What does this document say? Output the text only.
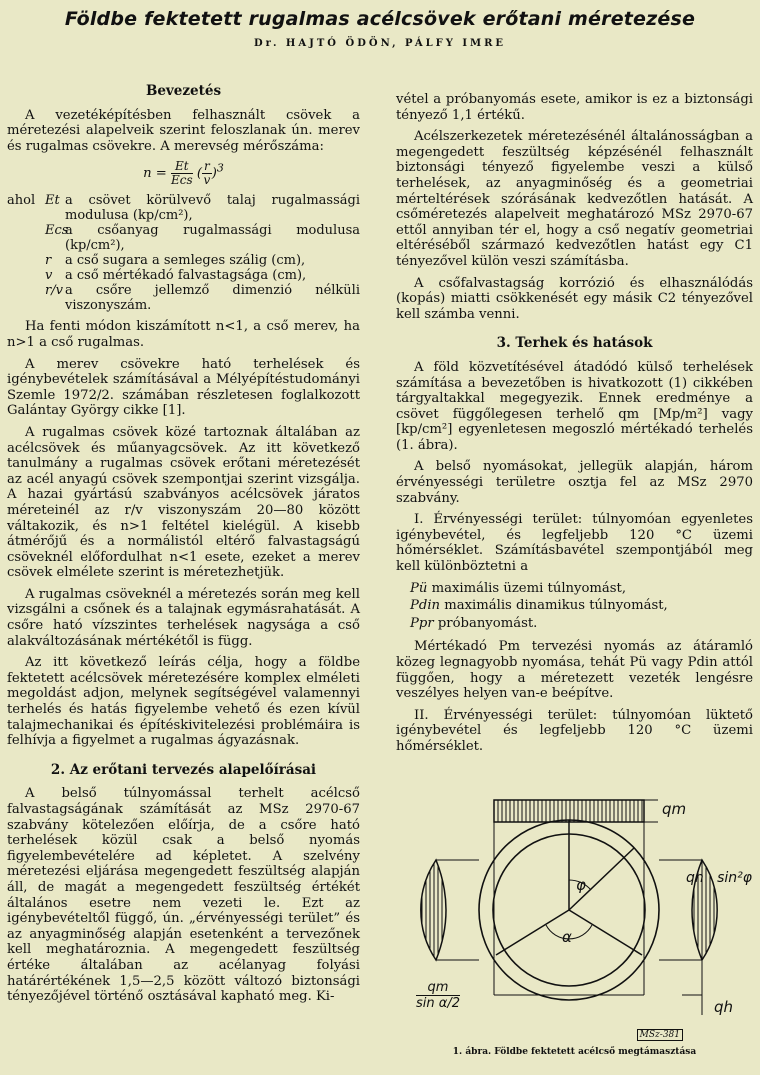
Földbe fektetett rugalmas acélcsövek erőtani méretezése
Dr. HAJTÓ ÖDÖN, PÁLFY IMRE
Bevezetés

A vezetéképítésben felhasznált csövek a méretezési alapelveik szerint feloszlanak ún. merev és rugalmas csövekre. A merevség mérőszáma:

$n = \frac{Et}{\text{Ecs}}$ ( $\frac{r}{v} )^3$
ahol Et a csövet körülvevő talaj rugalmassági modulusa (kp/cm²),
Ecs
a csőanyag rugalmassági modulusa (kp/cm²),
r	a cső sugara a semleges szálig (cm),
v a cső mértékadó falvastagsága (cm),
r/v a csőre jellemző dimenzió nélküli viszonyszám.

Ha fenti módon kiszámított n<1, a cső merev, ha n>1 a cső rugalmas.

A merev csövekre ható terhelések és igénybevételek számításával a Mélyépítéstudományi Szemle 1972/2. számában részletesen foglalkozott Galántay György cikke [1].

A rugalmas csövek közé tartoznak általában az acélcsövek és műanyagcsövek. Az itt következő tanulmány a rugalmas csövek erőtani méretezését az acél anyagú csövek szempontjai szerint vizsgálja. A hazai gyártású szabványos acélcsövek járatos méreteinél az r/v viszonyszám 20—80 között váltakozik, és n>1 feltétel kielégül. A kisebb átmérőjű és a normálistól eltérő falvastagságú csöveknél előfordulhat n<1 esete, ezeket a merev csövek elmélete szerint is méretezhetjük.

A rugalmas csöveknél a méretezés során meg kell vizsgálni a csőnek és a talajnak egymásrahatását. A csőre ható vízszintes terhelések nagysága a cső alakváltozásának mértékétől is függ.

Az itt következő leírás célja, hogy a földbe fektetett acélcsövek méretezésére komplex elméleti megoldást adjon, melynek segítségével valamennyi terhelés és hatás figyelembe vehető és ezen kívül talajmechanikai és építéskivitelezési problémáira is felhívja a figyelmet a rugalmas ágyazásnak.

2. Az erőtani tervezés alapelőírásai

A belső túlnyomással terhelt acélcső falvastagságának számítását az MSz 2970-67 szabvány kötelezően előírja, de a csőre ható terhelések közül csak a belső nyomás figyelembevételére ad képletet. A szelvény méretezési eljárása megengedett feszültség alapján áll, de magát a megengedett feszültség értékét általános esetre nem vezeti le. Ezt az igénybevételtől függő, ún. „érvényességi terület” és az anyagminőség alapján esetenként a tervezőnek kell meghatároznia. A megengedett feszültség értéke általában az acélanyag folyási határértékének 1,5—2,5 között változó biztonsági tényezőjével történő osztásával kapható meg. Ki-

vétel a próbanyomás esete, amikor is ez a biztonsági tényező 1,1 értékű.

Acélszerkezetek méretezésénél általánosságban a megengedett feszültség képzésénél felhasznált biztonsági tényező figyelembe veszi a külső terhelések, az anyagminőség és a geometriai mérteltérések szórásának kedvezőtlen hatását. A csőméretezés alapelveit meghatározó MSz 2970-67 ettől annyiban tér el, hogy a cső negatív geometriai eltéréséből származó kedvezőtlen hatást egy C1 tényezővel külön veszi számításba.

A csőfalvastagság korrózió és elhasználódás (kopás) miatti csökkenését egy másik C2 tényezővel kell számba venni.

3. Terhek és hatások

A föld közvetítésével átadódó külső terhelések számítása a bevezetőben is hivatkozott (1) cikkében tárgyaltakkal megegyezik. Ennek eredménye a csövet függőlegesen terhelő qm [Mp/m²] vagy [kp/cm²] egyenletesen megoszló mértékadó terhelés (1. ábra).

A belső nyomásokat, jellegük alapján, három érvényességi területre osztja fel az MSz 2970 szabvány.

I. Érvényességi terület: túlnyomóan egyenletes igénybevétel, és legfeljebb 120 °C üzemi hőmérséklet. Számításbavétel szempontjából meg kell különböztetni a

Pü maximális üzemi túlnyomást,
Pdin maximális dinamikus túlnyomást,
Ppr próbanyomást.

Mértékadó Pm tervezési nyomás az átáramló közeg legnagyobb nyomása, tehát Pü vagy Pdin attól függően, hogy a méretezett vezeték lengésre veszélyes helyen van-e beépítve.

II. Érvényességi terület: túlnyomóan lüktető igénybevétel és legfeljebb 120 °C üzemi hőmérséklet.

qm
qh · sin²φ
φ
α
qm
sin α/2	qh
MSz-381
1. ábra. Földbe fektetett acélcső megtámasztása
